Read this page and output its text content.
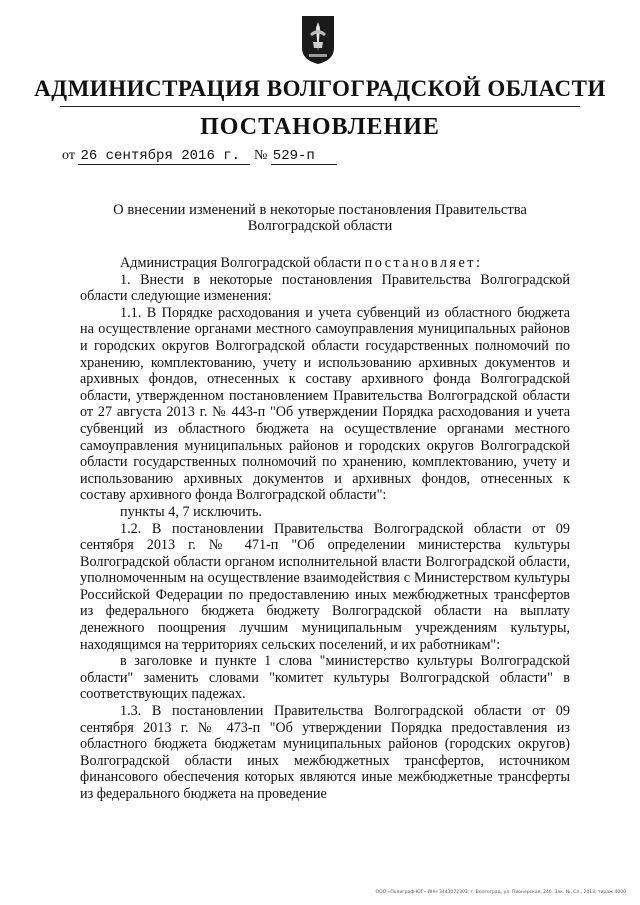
АДМИНИСТРАЦИЯ ВОЛГОГРАДСКОЙ ОБЛАСТИ
ПОСТАНОВЛЕНИЕ
от 26 сентября 2016 г. № 529-п
О внесении изменений в некоторые постановления Правительства
Волгоградской области

Администрация Волгоградской области постановляет:

1. Внести в некоторые постановления Правительства Волгоградской области следующие изменения:

1.1. В Порядке расходования и учета субвенций из областного бюджета на осуществление органами местного самоуправления муниципальных районов и городских округов Волгоградской области государственных полномочий по хранению, комплектованию, учету и использованию архивных документов и архивных фондов, отнесенных к составу архивного фонда Волгоградской области, утвержденном постановлением Правительства Волгоградской области от 27 августа 2013 г. № 443-п "Об утверждении Порядка расходования и учета субвенций из областного бюджета на осуществление органами местного самоуправления муниципальных районов и городских округов Волгоградской области государственных полномочий по хранению, комплектованию, учету и использованию архивных документов и архивных фондов, отнесенных к составу архивного фонда Волгоградской области":

пункты 4, 7 исключить.

1.2. В постановлении Правительства Волгоградской области от 09 сентября 2013 г. № 471-п "Об определении министерства культуры Волгоградской области органом исполнительной власти Волгоградской области, уполномоченным на осуществление взаимодействия с Министерством культуры Российской Федерации по предоставлению иных межбюджетных трансфертов из федерального бюджета бюджету Волгоградской области на выплату денежного поощрения лучшим муниципальным учреждениям культуры, находящимся на территориях сельских поселений, и их работникам":

в заголовке и пункте 1 слова "министерство культуры Волгоградской области" заменить словами "комитет культуры Волгоградской области" в соответствующих падежах.

1.3. В постановлении Правительства Волгоградской области от 09 сентября 2013 г. № 473-п "Об утверждении Порядка предоставления из областного бюджета бюджетам муниципальных районов (городских округов) Волгоградской области иных межбюджетных трансфертов, источником финансового обеспечения которых являются иные межбюджетные трансферты из федерального бюджета на проведение

ООО «Полиграф-ЮГ» ИНН 3443072303, г. Волгоград, ул. Пионерская, 24б. Зак. №, Сл., 2013, тираж 4000
